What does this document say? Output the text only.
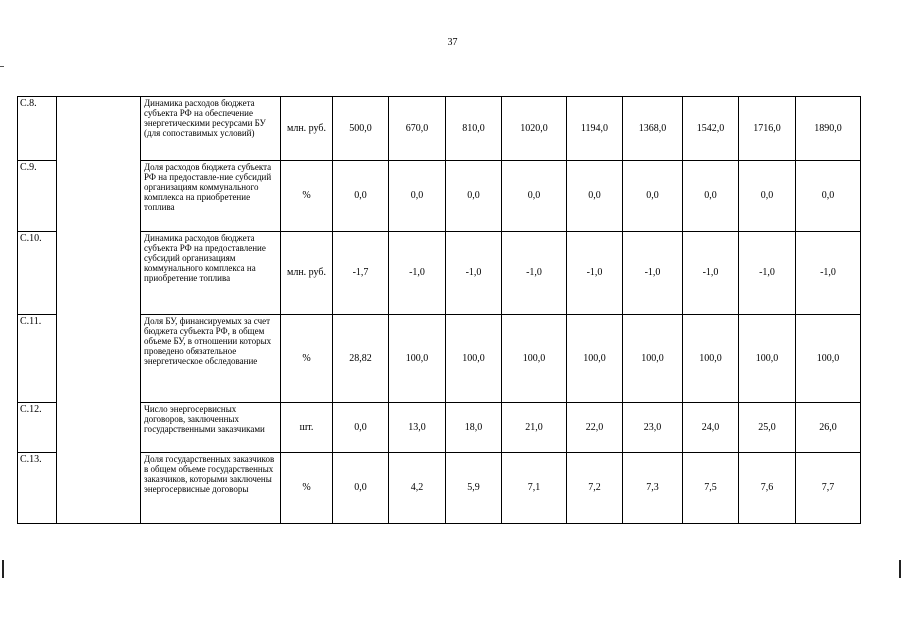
37
С.8.		Динамика расходов бюджета субъекта РФ на обеспечение энергетическими ресурсами БУ (для сопоставимых условий)	млн. руб.	500,0	670,0	810,0	1020,0	1194,0	1368,0	1542,0	1716,0	1890,0
С.9.		Доля расходов бюджета субъекта РФ на предоставле-ние субсидий организациям коммунального комплекса на приобретение топлива	%	0,0	0,0	0,0	0,0	0,0	0,0	0,0	0,0	0,0
С.10.		Динамика расходов бюджета субъекта РФ на предоставление субсидий организациям коммунального комплекса на приобретение топлива	млн. руб.	-1,7	-1,0	-1,0	-1,0	-1,0	-1,0	-1,0	-1,0	-1,0
С.11.		Доля БУ, финансируемых за счет бюджета субъекта РФ, в общем объеме БУ, в отношении которых проведено обязательное энергетическое обследование	%	28,82	100,0	100,0	100,0	100,0	100,0	100,0	100,0	100,0
С.12.		Число энергосервисных договоров, заключенных государственными заказчиками	шт.	0,0	13,0	18,0	21,0	22,0	23,0	24,0	25,0	26,0
С.13.		Доля государственных заказчиков в общем объеме государственных заказчиков, которыми заключены энергосервисные договоры	%	0,0	4,2	5,9	7,1	7,2	7,3	7,5	7,6	7,7
